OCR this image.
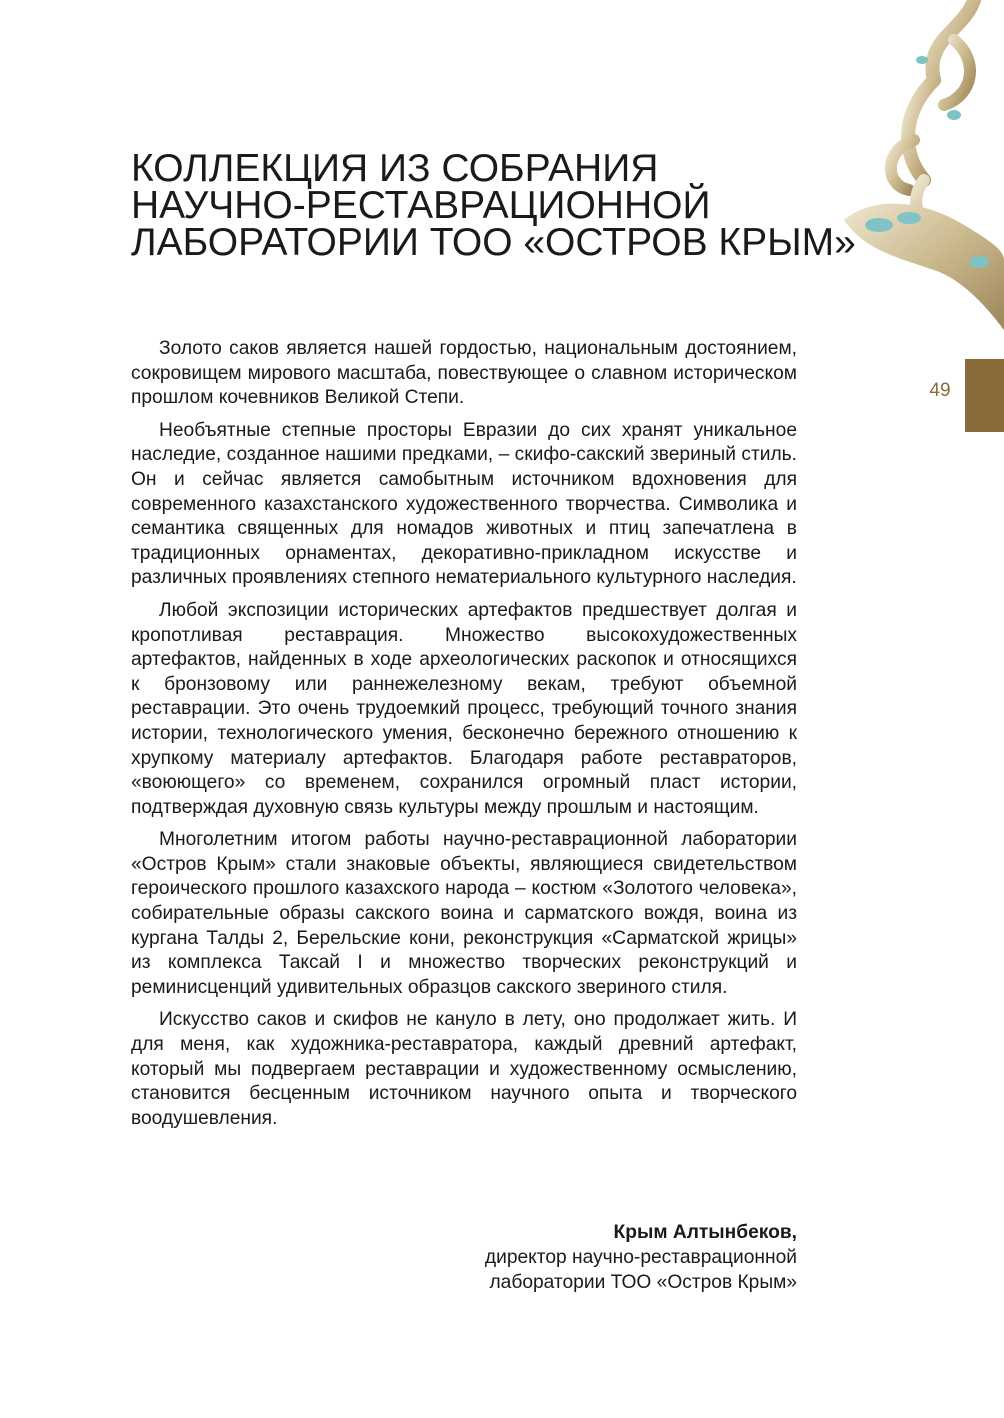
49
КОЛЛЕКЦИЯ ИЗ СОБРАНИЯ
НАУЧНО-РЕСТАВРАЦИОННОЙ
ЛАБОРАТОРИИ ТОО «ОСТРОВ КРЫМ»

Золото саков является нашей гордостью, национальным достоянием, сокровищем мирового масштаба, повествующее о славном историческом прошлом кочевников Великой Степи.

Необъятные степные просторы Евразии до сих хранят уникальное наследие, созданное нашими предками, – скифо-сакский звериный стиль. Он и сейчас является самобытным источником вдохновения для современного казахстанского художественного творчества. Символика и семантика священных для номадов животных и птиц запечатлена в традиционных орнаментах, декоративно-прикладном искусстве и различных проявлениях степного нематериального культурного наследия.

Любой экспозиции исторических артефактов предшествует долгая и кропотливая реставрация. Множество высокохудожественных артефактов, найденных в ходе археологических раскопок и относящихся к бронзовому или раннежелезному векам, требуют объемной реставрации. Это очень трудоемкий процесс, требующий точного знания истории, технологического умения, бесконечно бережного отношению к хрупкому материалу артефактов. Благодаря работе реставраторов, «воюющего» со временем, сохранился огромный пласт истории, подтверждая духовную связь культуры между прошлым и настоящим.

Многолетним итогом работы научно-реставрационной лаборатории «Остров Крым» стали знаковые объекты, являющиеся свидетельством героического прошлого казахского народа – костюм «Золотого человека», собирательные образы сакского воина и сарматского вождя, воина из кургана Талды 2, Берельские кони, реконструкция «Сарматской жрицы» из комплекса Таксай I и множество творческих реконструкций и реминисценций удивительных образцов сакского звериного стиля.

Искусство саков и скифов не кануло в лету, оно продолжает жить. И для меня, как художника-реставратора, каждый древний артефакт, который мы подвергаем реставрации и художественному осмыслению, становится бесценным источником научного опыта и творческого воодушевления.

Крым Алтынбеков,
директор научно-реставрационной
лаборатории ТОО «Остров Крым»
